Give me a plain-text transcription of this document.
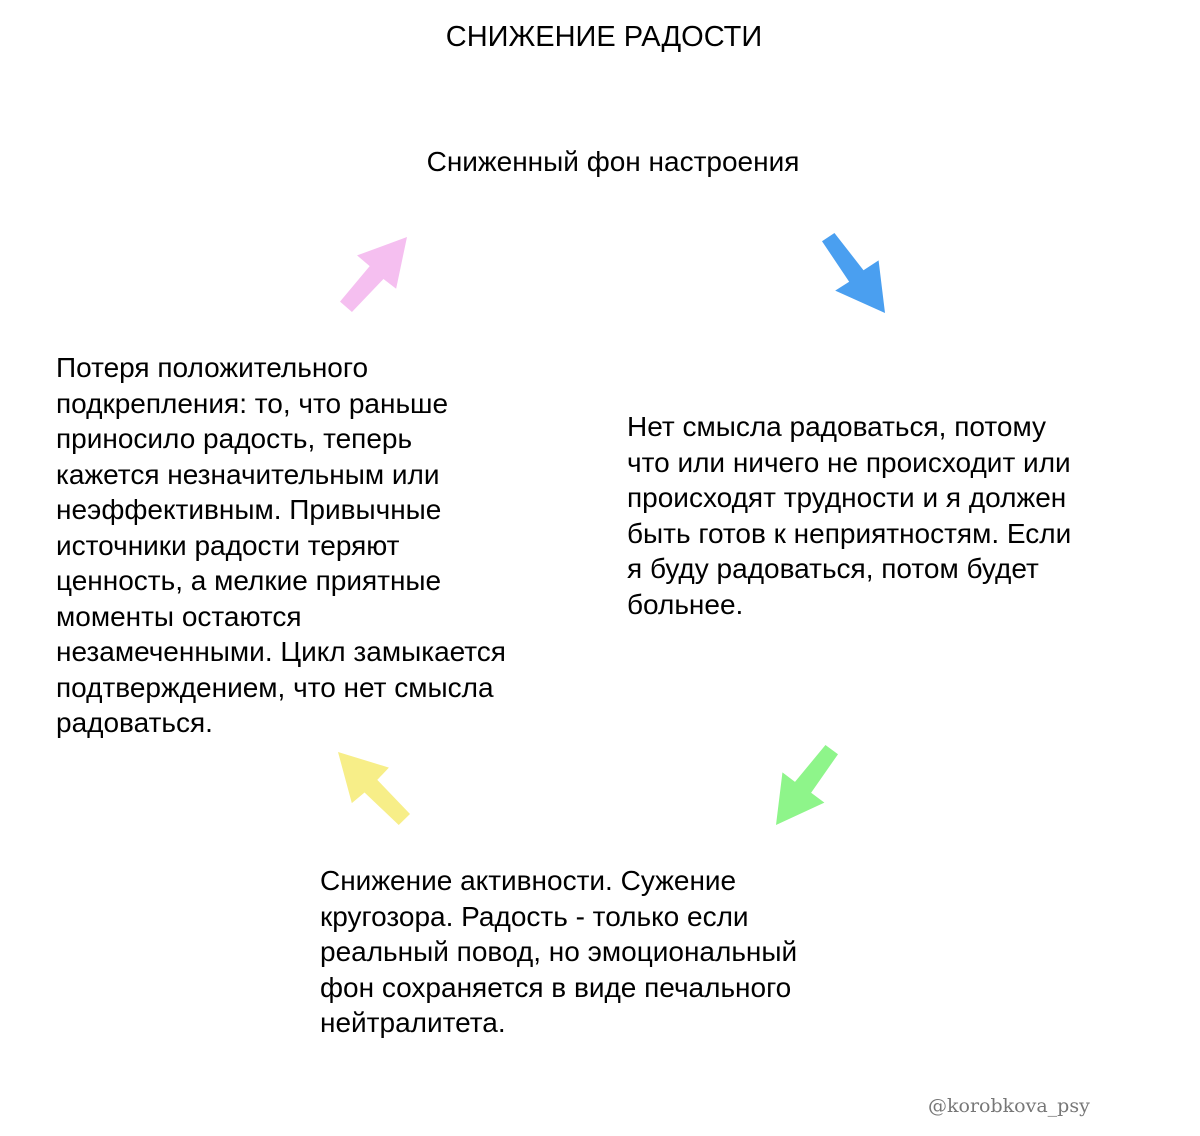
СНИЖЕНИЕ РАДОСТИ
Сниженный фон настроения
Нет смысла радоваться, потому
что или ничего не происходит или
происходят трудности и я должен
быть готов к неприятностям. Если
я буду радоваться, потом будет
больнее.
Снижение активности. Сужение
кругозора. Радость - только если
реальный повод, но эмоциональный
фон сохраняется в виде печального
нейтралитета.
Потеря положительного
подкрепления: то, что раньше
приносило радость, теперь
кажется незначительным или
неэффективным. Привычные
источники радости теряют
ценность, а мелкие приятные
моменты остаются
незамеченными. Цикл замыкается
подтверждением, что нет смысла
радоваться.
@korobkova_psy
